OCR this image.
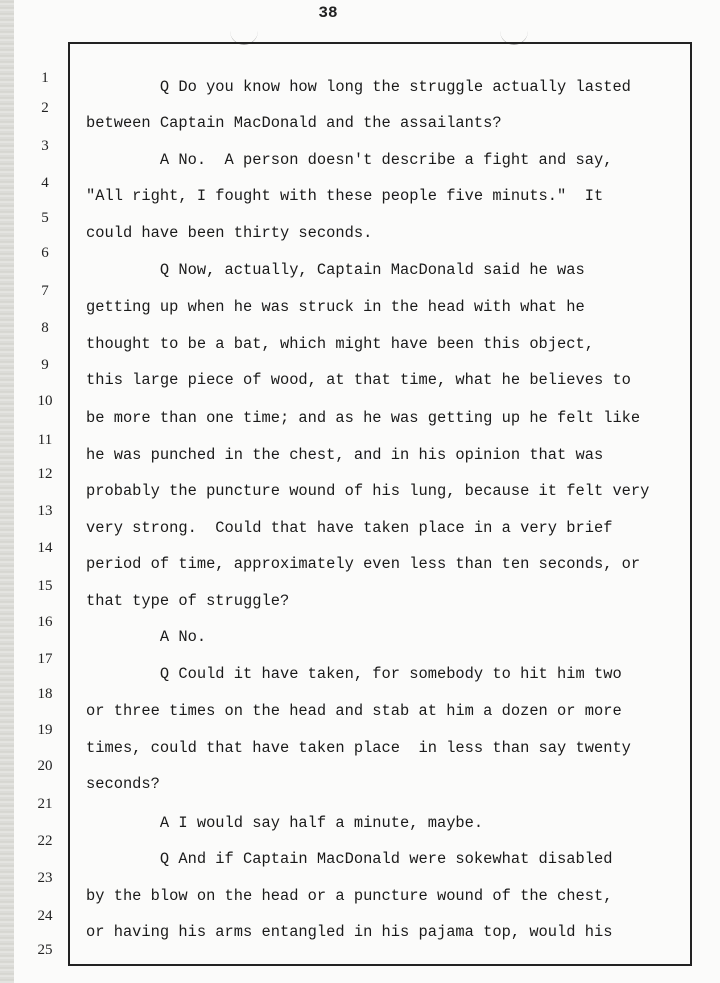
38
1
2
3
4
5
6
7
8
9
10
11
12
13
14
15
16
17
18
19
20
21
22
23
24
25
Q Do you know how long the struggle actually lasted
between Captain MacDonald and the assailants?
A No.  A person doesn't describe a fight and say,
"All right, I fought with these people five minuts."  It
could have been thirty seconds.
Q Now, actually, Captain MacDonald said he was
getting up when he was struck in the head with what he
thought to be a bat, which might have been this object,
this large piece of wood, at that time, what he believes to
be more than one time; and as he was getting up he felt like
he was punched in the chest, and in his opinion that was
probably the puncture wound of his lung, because it felt very
very strong.  Could that have taken place in a very brief
period of time, approximately even less than ten seconds, or
that type of struggle?
A No.
Q Could it have taken, for somebody to hit him two
or three times on the head and stab at him a dozen or more
times, could that have taken place  in less than say twenty
seconds?
A I would say half a minute, maybe.
Q And if Captain MacDonald were sokewhat disabled
by the blow on the head or a puncture wound of the chest,
or having his arms entangled in his pajama top, would his
